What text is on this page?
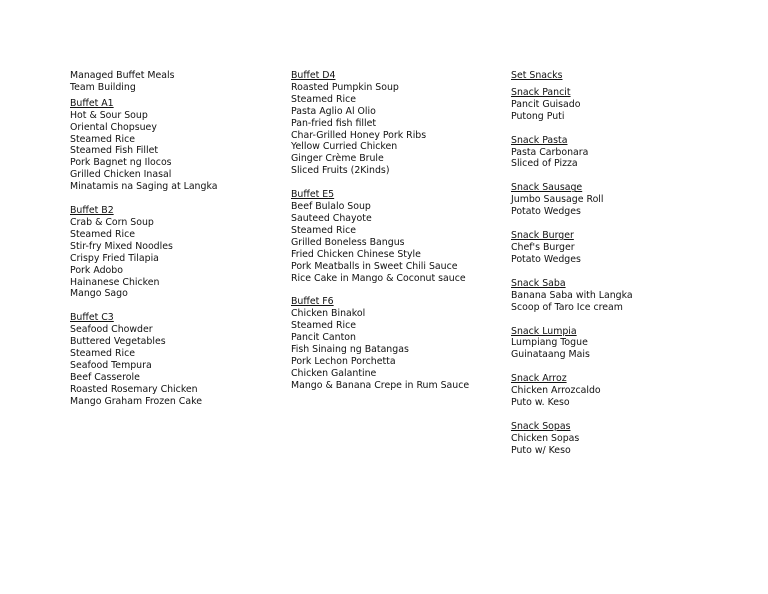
Managed Buffet Meals
Team Building
Buffet A1
Hot & Sour Soup
Oriental Chopsuey
Steamed Rice
Steamed Fish Fillet
Pork Bagnet ng Ilocos
Grilled Chicken Inasal
Minatamis na Saging at Langka
Buffet B2
Crab & Corn Soup
Steamed Rice
Stir-fry Mixed Noodles
Crispy Fried Tilapia
Pork Adobo
Hainanese Chicken
Mango Sago
Buffet C3
Seafood Chowder
Buttered Vegetables
Steamed Rice
Seafood Tempura
Beef Casserole
Roasted Rosemary Chicken
Mango Graham Frozen Cake
Buffet D4
Roasted Pumpkin Soup
Steamed Rice
Pasta Aglio Al Olio
Pan-fried fish fillet
Char-Grilled Honey Pork Ribs
Yellow Curried Chicken
Ginger Crème Brule
Sliced Fruits (2Kinds)
Buffet E5
Beef Bulalo Soup
Sauteed Chayote
Steamed Rice
Grilled Boneless Bangus
Fried Chicken Chinese Style
Pork Meatballs in Sweet Chili Sauce
Rice Cake in Mango & Coconut sauce
Buffet F6
Chicken Binakol
Steamed Rice
Pancit Canton
Fish Sinaing ng Batangas
Pork Lechon Porchetta
Chicken Galantine
Mango & Banana Crepe in Rum Sauce
Set Snacks
Snack Pancit
Pancit Guisado
Putong Puti
Snack Pasta
Pasta Carbonara
Sliced of Pizza
Snack Sausage
Jumbo Sausage Roll
Potato Wedges
Snack Burger
Chef's Burger
Potato Wedges
Snack Saba
Banana Saba with Langka
Scoop of Taro Ice cream
Snack Lumpia
Lumpiang Togue
Guinataang Mais
Snack Arroz
Chicken Arrozcaldo
Puto w. Keso
Snack Sopas
Chicken Sopas
Puto w/ Keso
